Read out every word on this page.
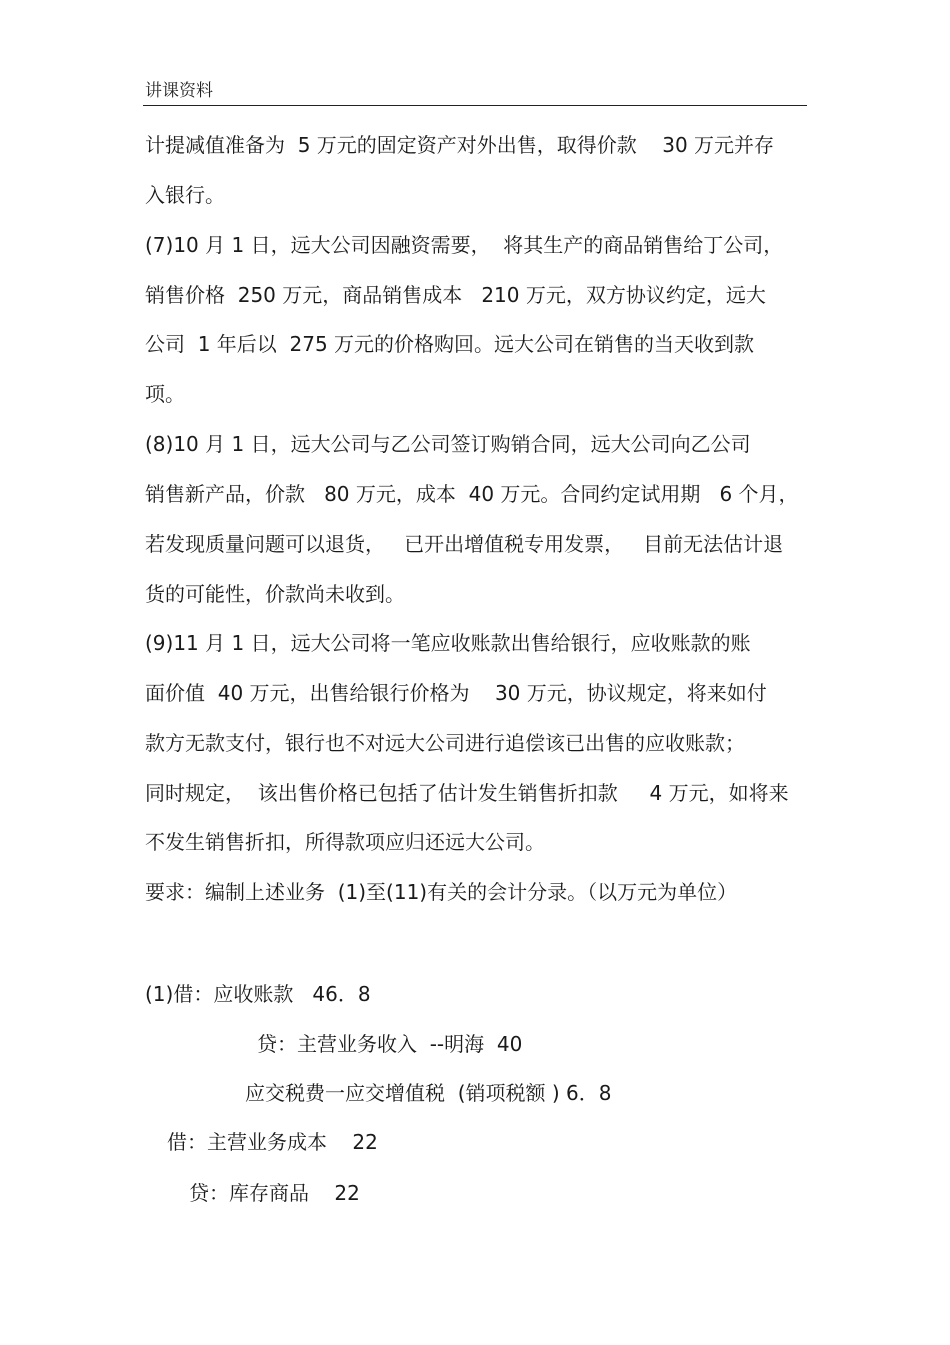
讲课资料
计提减值准备为  5 万元的固定资产对外出售，取得价款    30 万元并存
入银行。
(7)10 月 1 日，远大公司因融资需要，  将其生产的商品销售给丁公司，
销售价格  250 万元，商品销售成本   210 万元，双方协议约定，远大
公司  1 年后以  275 万元的价格购回。远大公司在销售的当天收到款
项。
(8)10 月 1 日，远大公司与乙公司签订购销合同，远大公司向乙公司
销售新产品，价款   80 万元，成本  40 万元。合同约定试用期   6 个月，
若发现质量问题可以退货，   已开出增值税专用发票，   目前无法估计退
货的可能性，价款尚未收到。
(9)11 月 1 日，远大公司将一笔应收账款出售给银行，应收账款的账
面价值  40 万元，出售给银行价格为    30 万元，协议规定，将来如付
款方无款支付，银行也不对远大公司进行追偿该已出售的应收账款；
同时规定，  该出售价格已包括了估计发生销售折扣款     4 万元，如将来
不发生销售折扣，所得款项应归还远大公司。
要求：编制上述业务  (1)至(11)有关的会计分录。（以万元为单位）
(1)借：应收账款   46．8
贷：主营业务收入  --明海  40
应交税费一应交增值税  (销项税额 ) 6．8
借：主营业务成本    22
贷：库存商品    22
